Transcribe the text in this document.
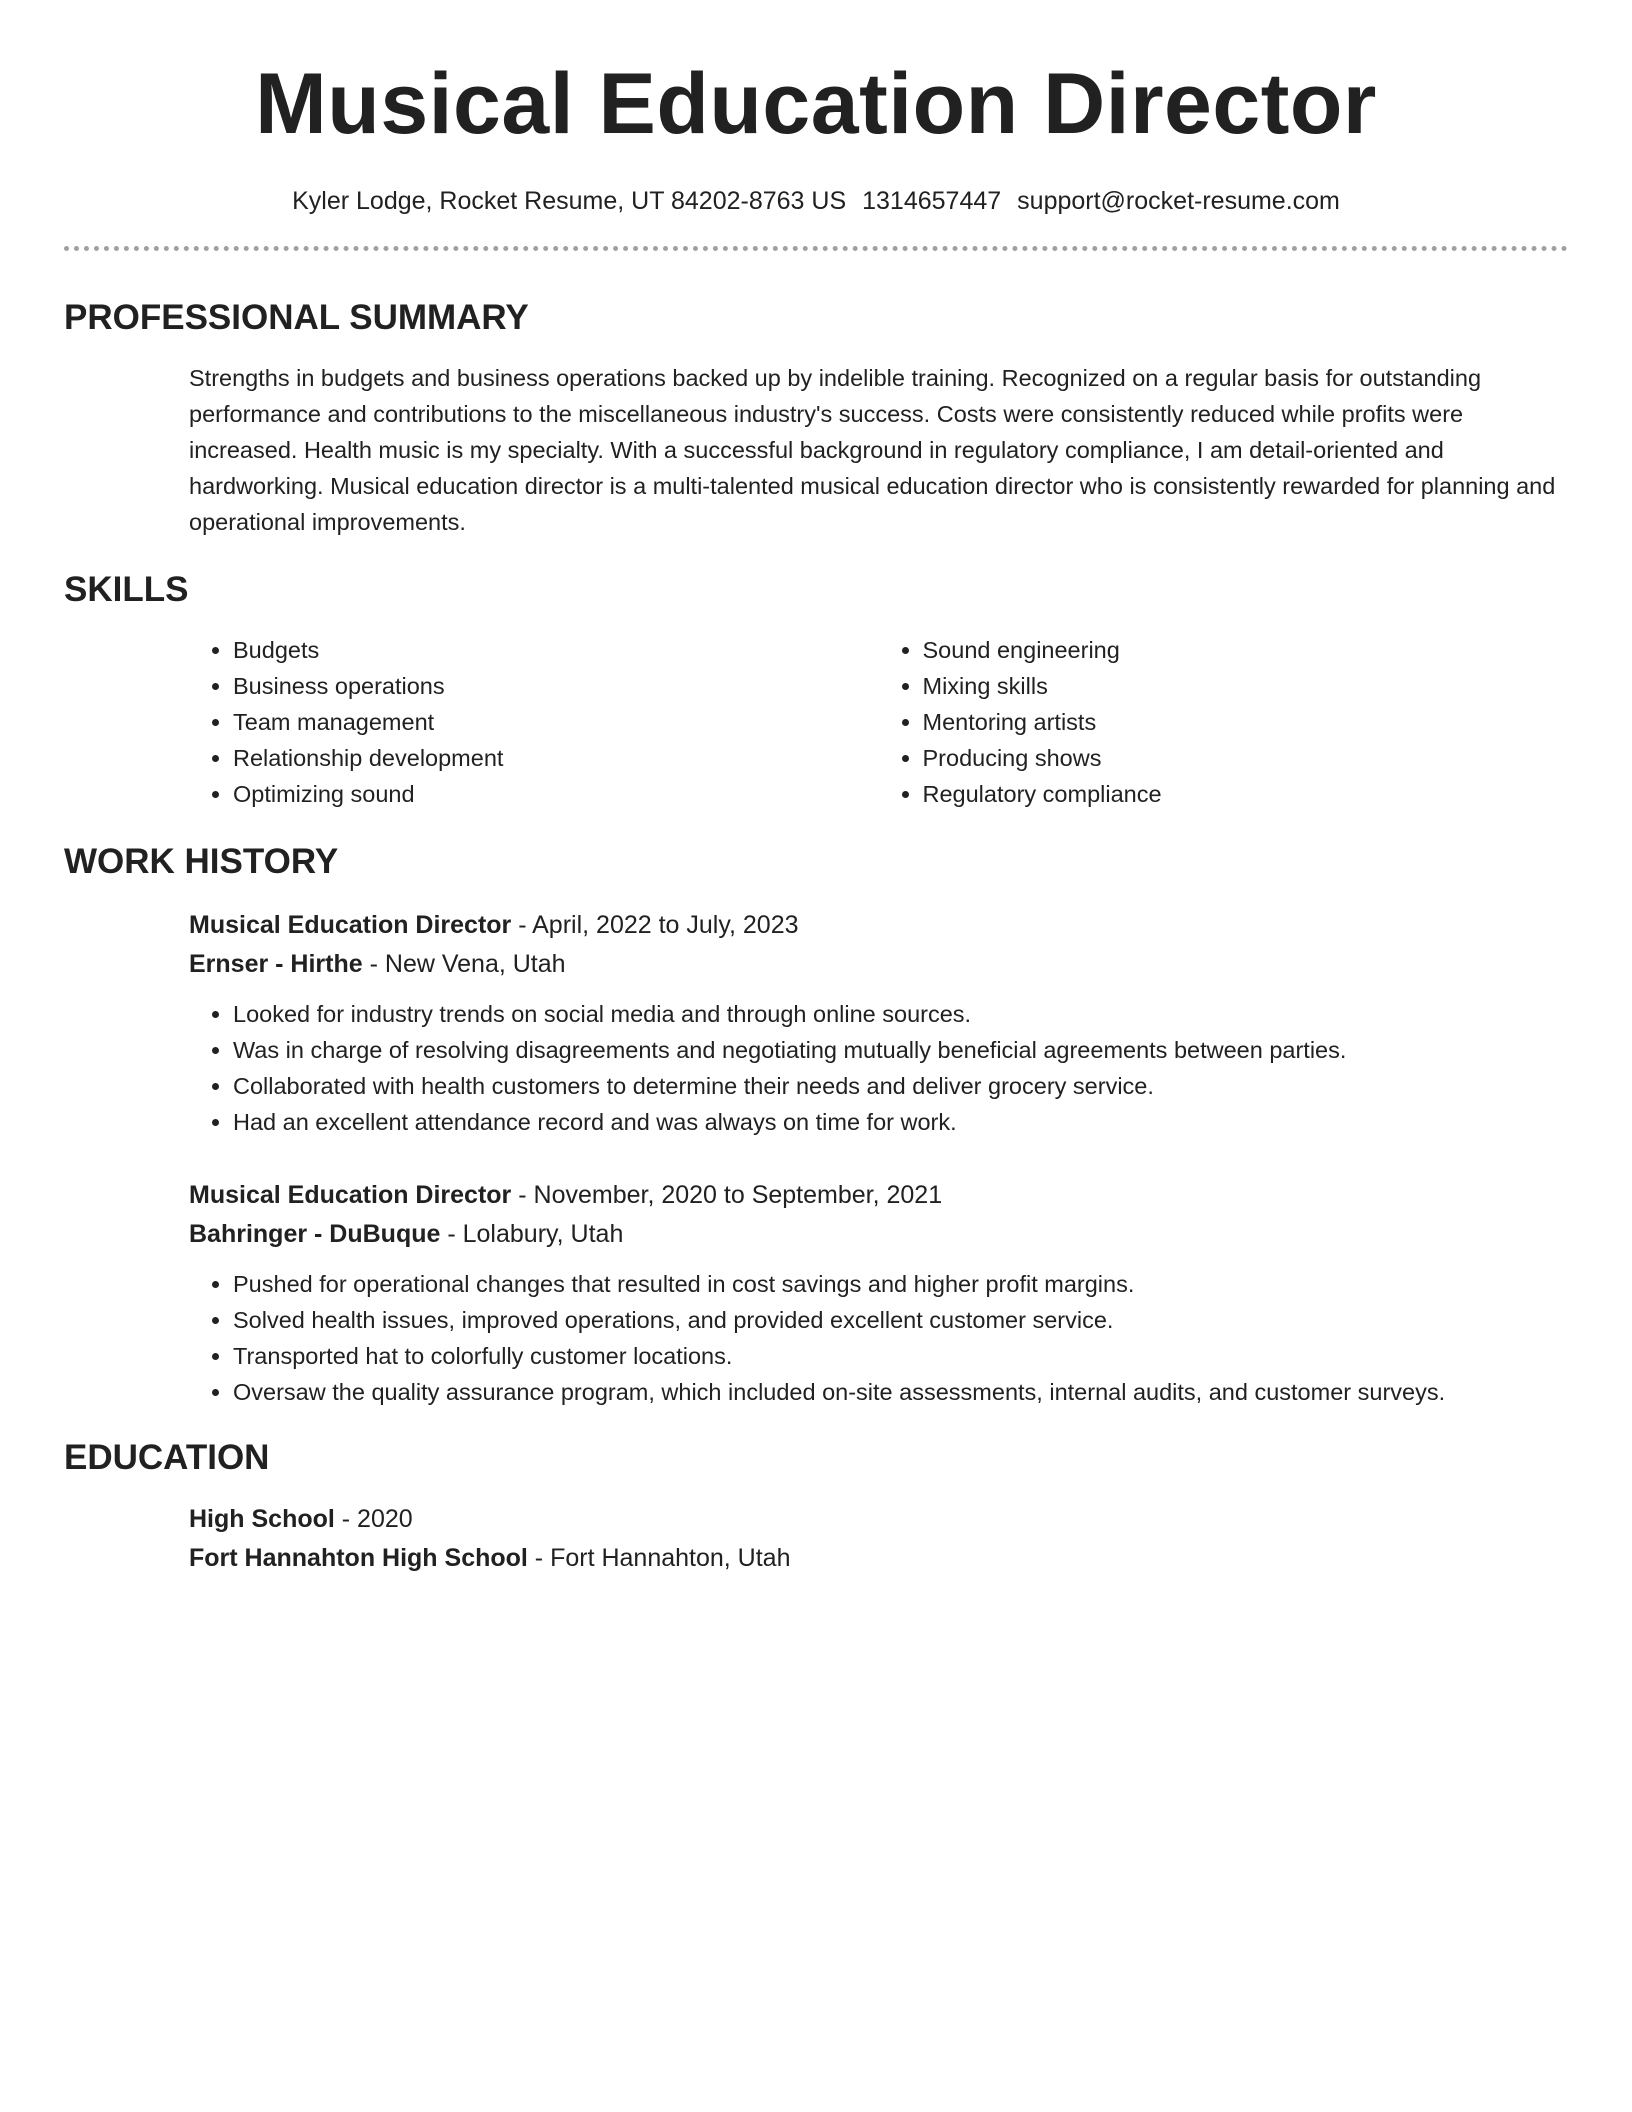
Musical Education Director
Kyler Lodge, Rocket Resume, UT 84202-8763 US 1314657447 support@rocket-resume.com
PROFESSIONAL SUMMARY

Strengths in budgets and business operations backed up by indelible training. Recognized on a regular basis for outstanding performance and contributions to the miscellaneous industry's success. Costs were consistently reduced while profits were increased. Health music is my specialty. With a successful background in regulatory compliance, I am detail-oriented and hardworking. Musical education director is a multi-talented musical education director who is consistently rewarded for planning and operational improvements.

SKILLS
• Budgets
• Business operations
• Team management
• Relationship development
• Optimizing sound
• Sound engineering
• Mixing skills
• Mentoring artists
• Producing shows
• Regulatory compliance
WORK HISTORY
Musical Education Director - April, 2022 to July, 2023
Ernser - Hirthe - New Vena, Utah
• Looked for industry trends on social media and through online sources.
• Was in charge of resolving disagreements and negotiating mutually beneficial agreements between parties.
• Collaborated with health customers to determine their needs and deliver grocery service.
• Had an excellent attendance record and was always on time for work.
Musical Education Director - November, 2020 to September, 2021
Bahringer - DuBuque - Lolabury, Utah
• Pushed for operational changes that resulted in cost savings and higher profit margins.
• Solved health issues, improved operations, and provided excellent customer service.
• Transported hat to colorfully customer locations.
• Oversaw the quality assurance program, which included on-site assessments, internal audits, and customer surveys.
EDUCATION
High School - 2020
Fort Hannahton High School - Fort Hannahton, Utah
